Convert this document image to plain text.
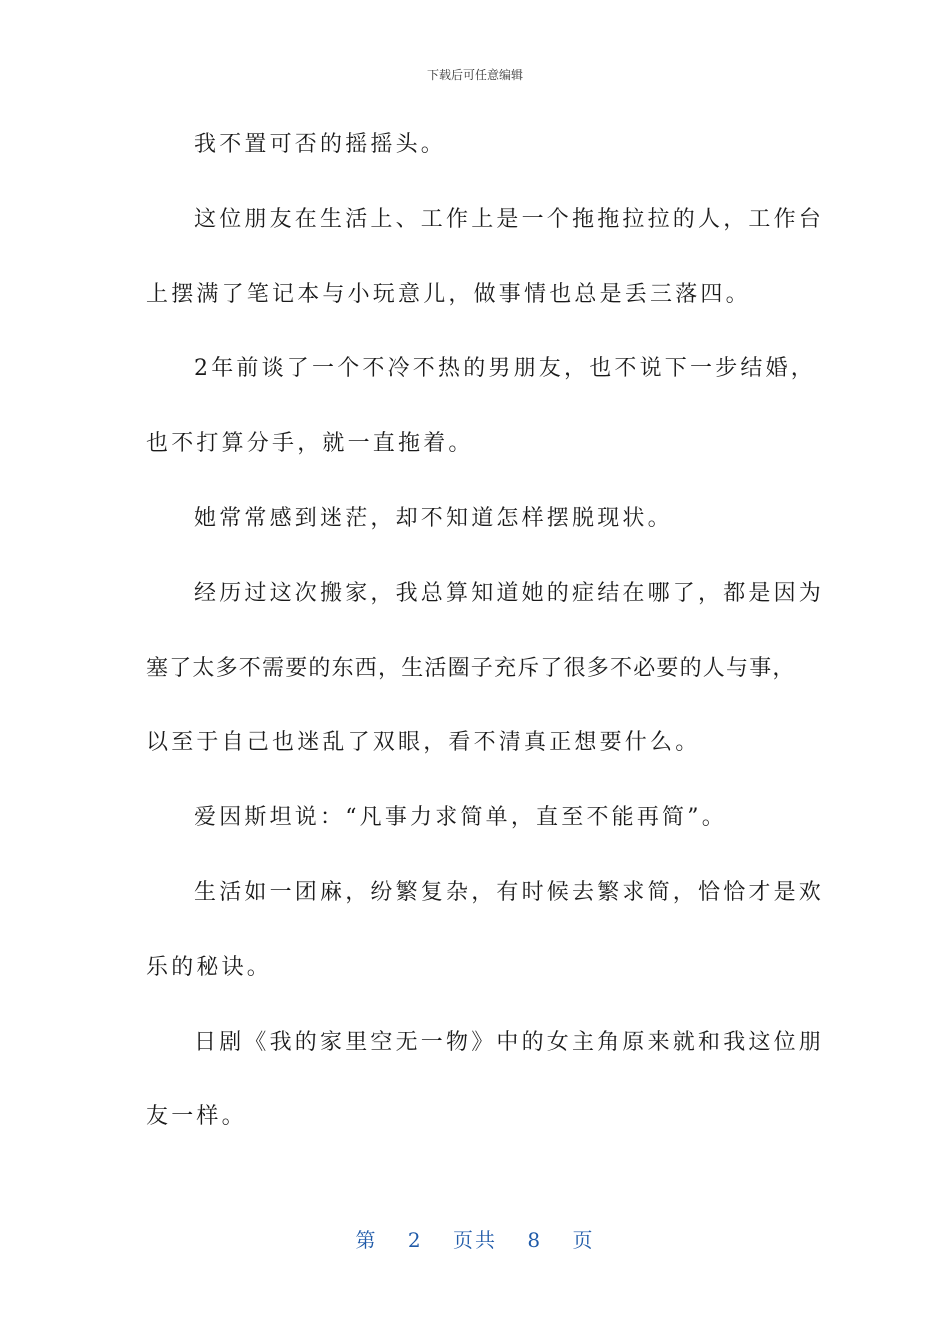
下载后可任意编辑
我不置可否的摇摇头。
这位朋友在生活上、工作上是一个拖拖拉拉的人，工作台
上摆满了笔记本与小玩意儿，做事情也总是丢三落四。
2年前谈了一个不冷不热的男朋友，也不说下一步结婚，
也不打算分手，就一直拖着。
她常常感到迷茫，却不知道怎样摆脱现状。
经历过这次搬家，我总算知道她的症结在哪了，都是因为
塞了太多不需要的东西，生活圈子充斥了很多不必要的人与事，
以至于自己也迷乱了双眼，看不清真正想要什么。
爱因斯坦说：“凡事力求简单，直至不能再简”。
生活如一团麻，纷繁复杂，有时候去繁求简，恰恰才是欢
乐的秘诀。
日剧《我的家里空无一物》中的女主角原来就和我这位朋
友一样。
第 2 页共 8 页
